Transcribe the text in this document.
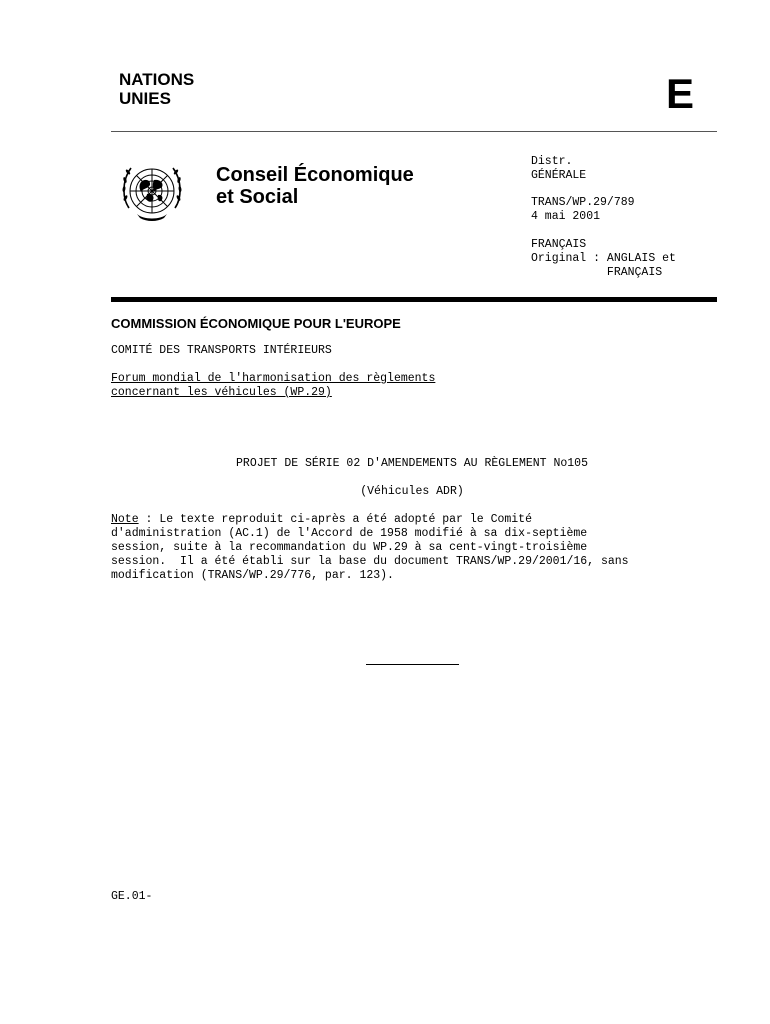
NATIONS
UNIES	E
Conseil Économique
et Social
Distr.
GÉNÉRALE
TRANS/WP.29/789
4 mai 2001
FRANÇAIS
Original : ANGLAIS et
FRANÇAIS
COMMISSION ÉCONOMIQUE POUR L'EUROPE
COMITÉ DES TRANSPORTS INTÉRIEURS
Forum mondial de l'harmonisation des règlements
concernant les véhicules (WP.29)
PROJET DE SÉRIE 02 D'AMENDEMENTS AU RÈGLEMENT No105
(Véhicules ADR)
Note : Le texte reproduit ci-après a été adopté par le Comité
d'administration (AC.1) de l'Accord de 1958 modifié à sa dix-septième
session, suite à la recommandation du WP.29 à sa cent-vingt-troisième
session.  Il a été établi sur la base du document TRANS/WP.29/2001/16, sans
modification (TRANS/WP.29/776, par. 123).
GE.01-
